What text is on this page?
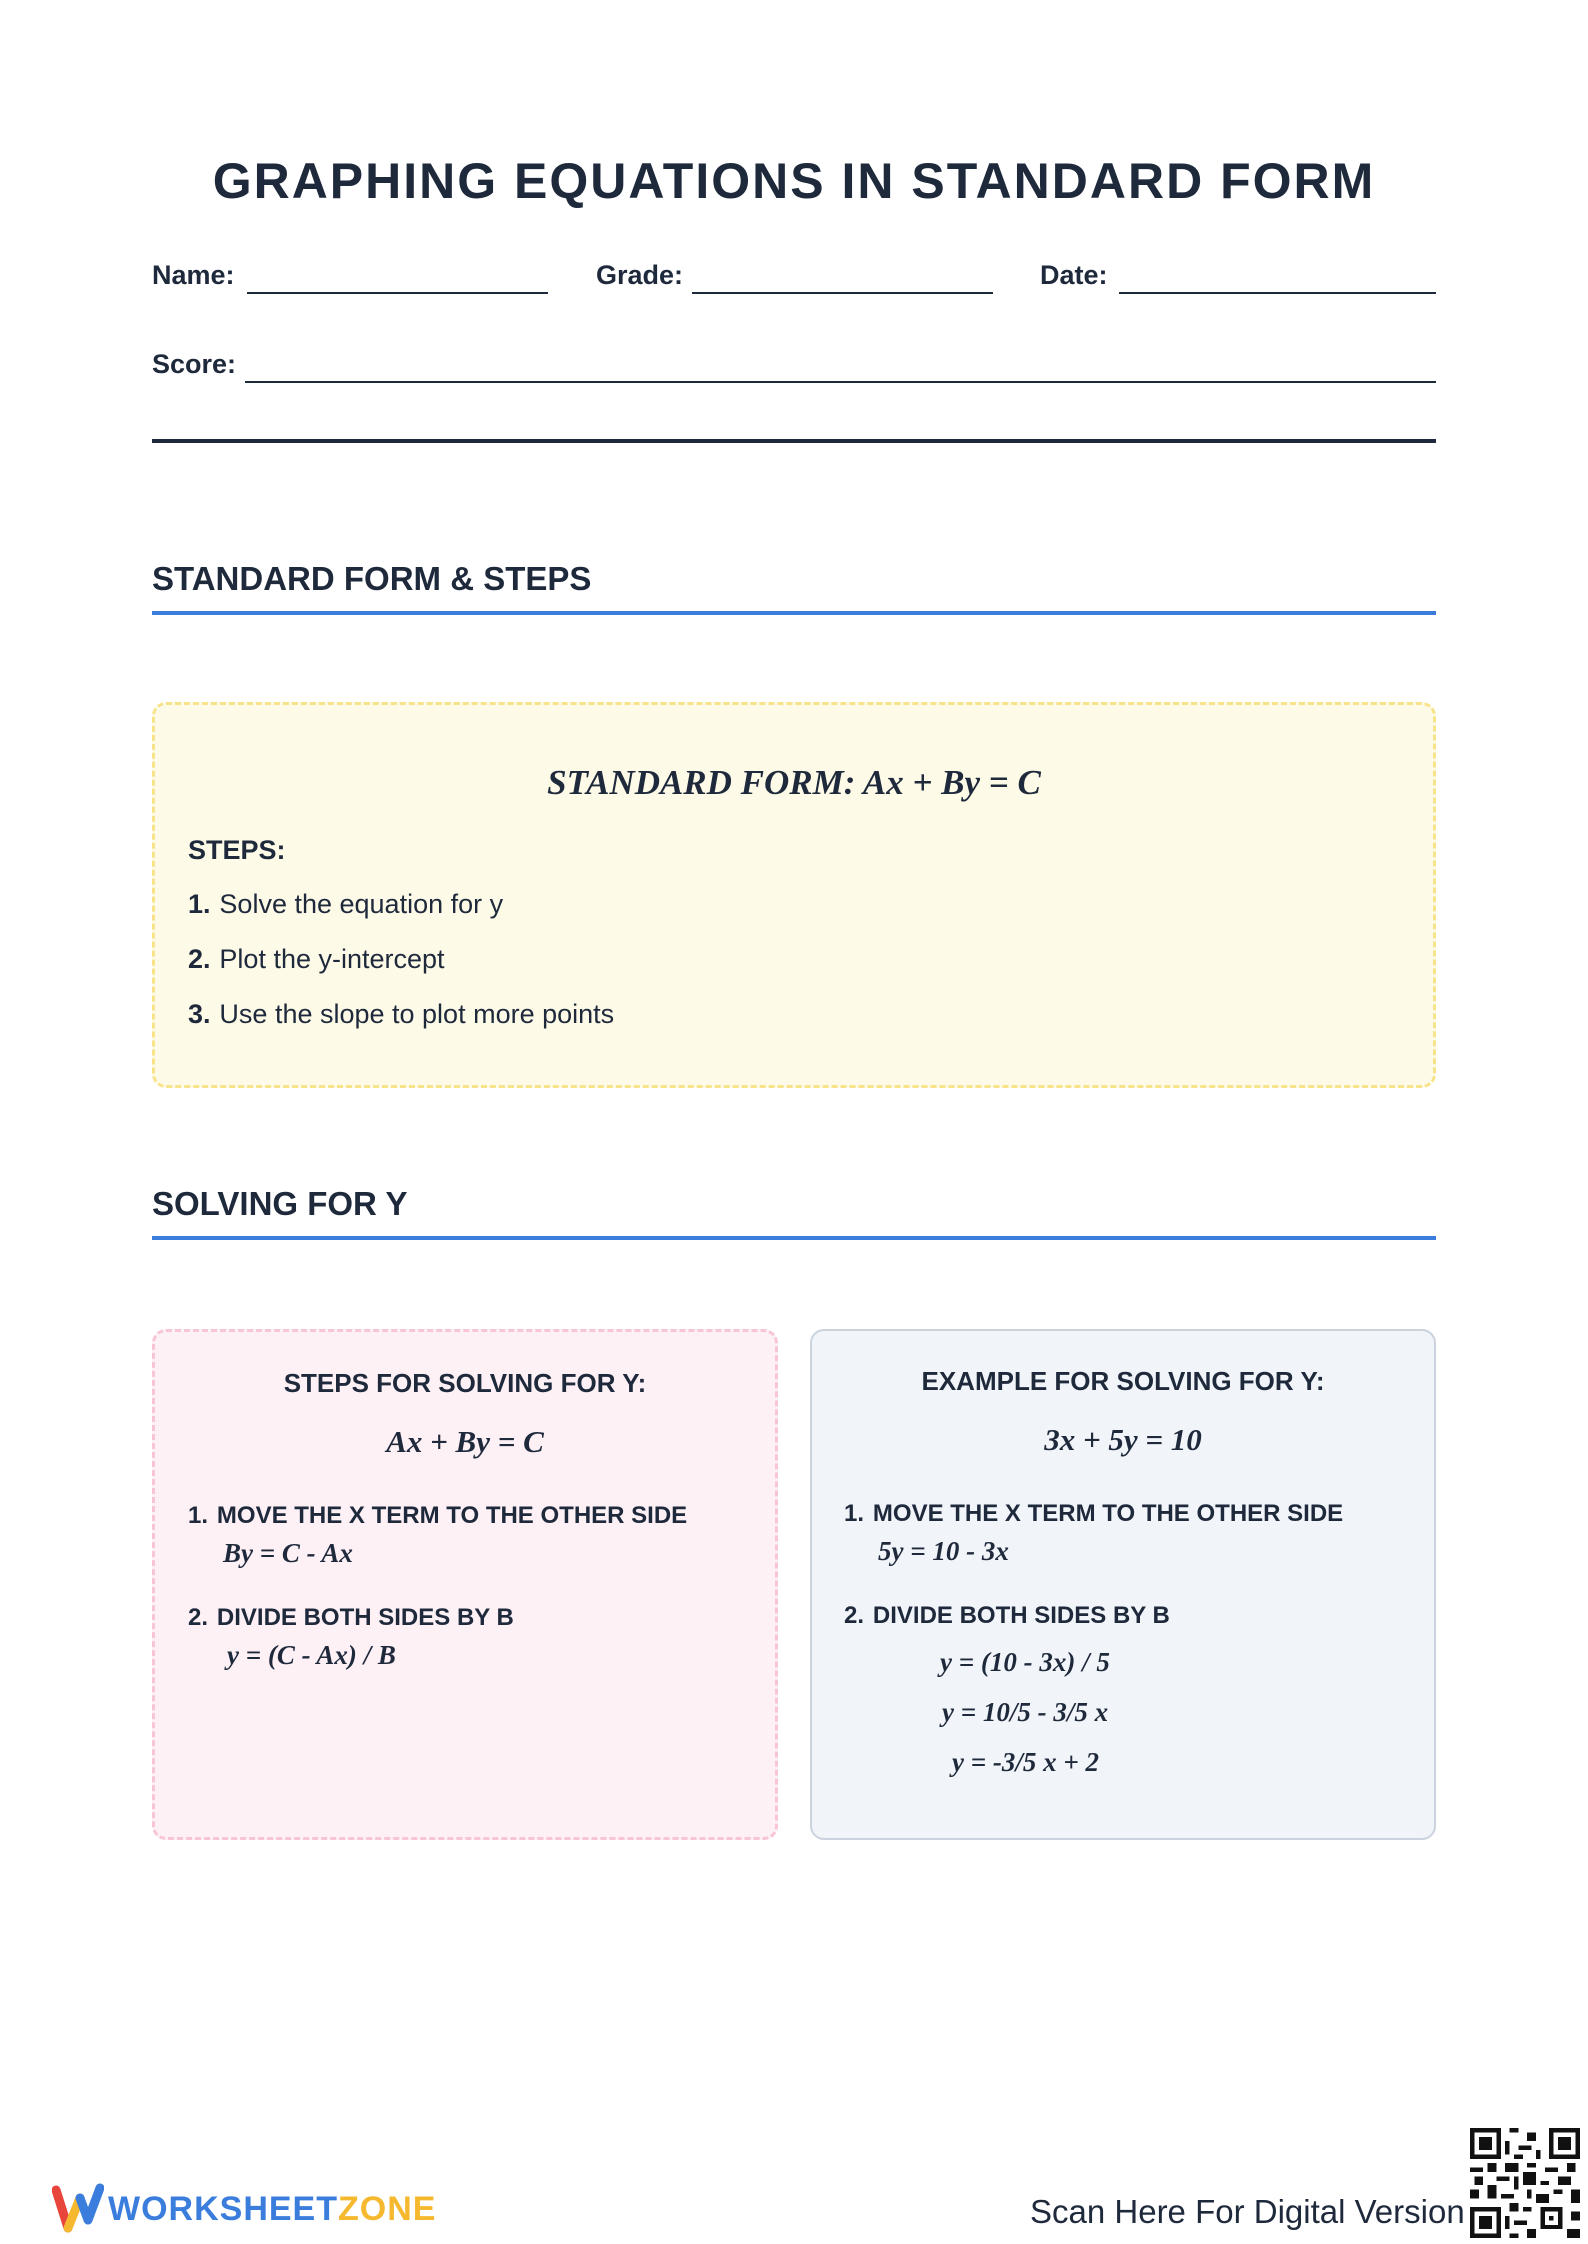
GRAPHING EQUATIONS IN STANDARD FORM
Name:	Grade:	Date:
Score:
STANDARD FORM & STEPS
STANDARD FORM: Ax + By = C
STEPS:
1. Solve the equation for y
2. Plot the y-intercept
3. Use the slope to plot more points
SOLVING FOR Y
STEPS FOR SOLVING FOR Y:
Ax + By = C
1. MOVE THE X TERM TO THE OTHER SIDE
By = C - Ax
2. DIVIDE BOTH SIDES BY B
y = (C - Ax) / B
EXAMPLE FOR SOLVING FOR Y:
3x + 5y = 10
1. MOVE THE X TERM TO THE OTHER SIDE
5y = 10 - 3x
2. DIVIDE BOTH SIDES BY B
y = (10 - 3x) / 5
y = 10/5 - 3/5 x
y = -3/5 x + 2
WORKSHEETZONE	Scan Here For Digital Version
